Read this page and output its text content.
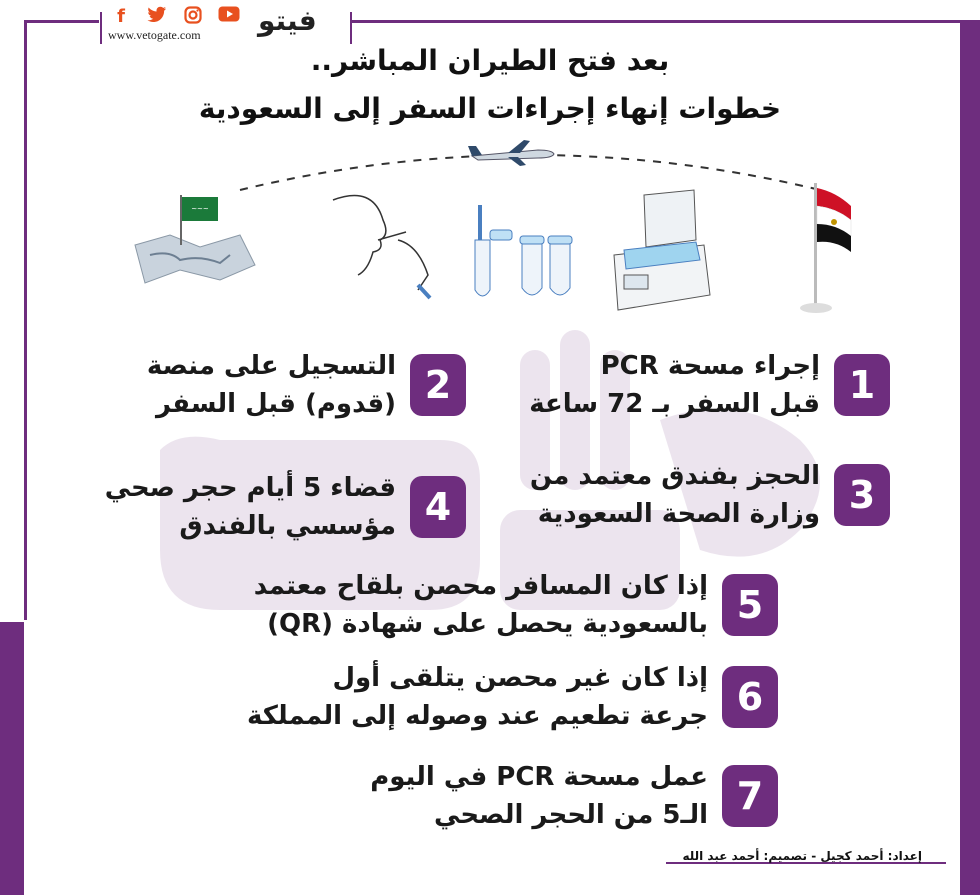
f
www.vetogate.com فيتو
بعد فتح الطيران المباشر..
خطوات إنهاء إجراءات السفر إلى السعودية
~~~
1
إجراء مسحة PCR
قبل السفر بـ 72 ساعة
2
التسجيل على منصة
(قدوم) قبل السفر
3
الحجز بفندق معتمد من
وزارة الصحة السعودية
4
قضاء 5 أيام حجر صحي
مؤسسي بالفندق
5
إذا كان المسافر محصن بلقاح معتمد
بالسعودية يحصل على شهادة (QR)
6
إذا كان غير محصن يتلقى أول
جرعة تطعيم عند وصوله إلى المملكة
7
عمل مسحة PCR في اليوم
الـ5 من الحجر الصحي
إعداد: أحمد كجيل - تصميم: أحمد عبد الله
